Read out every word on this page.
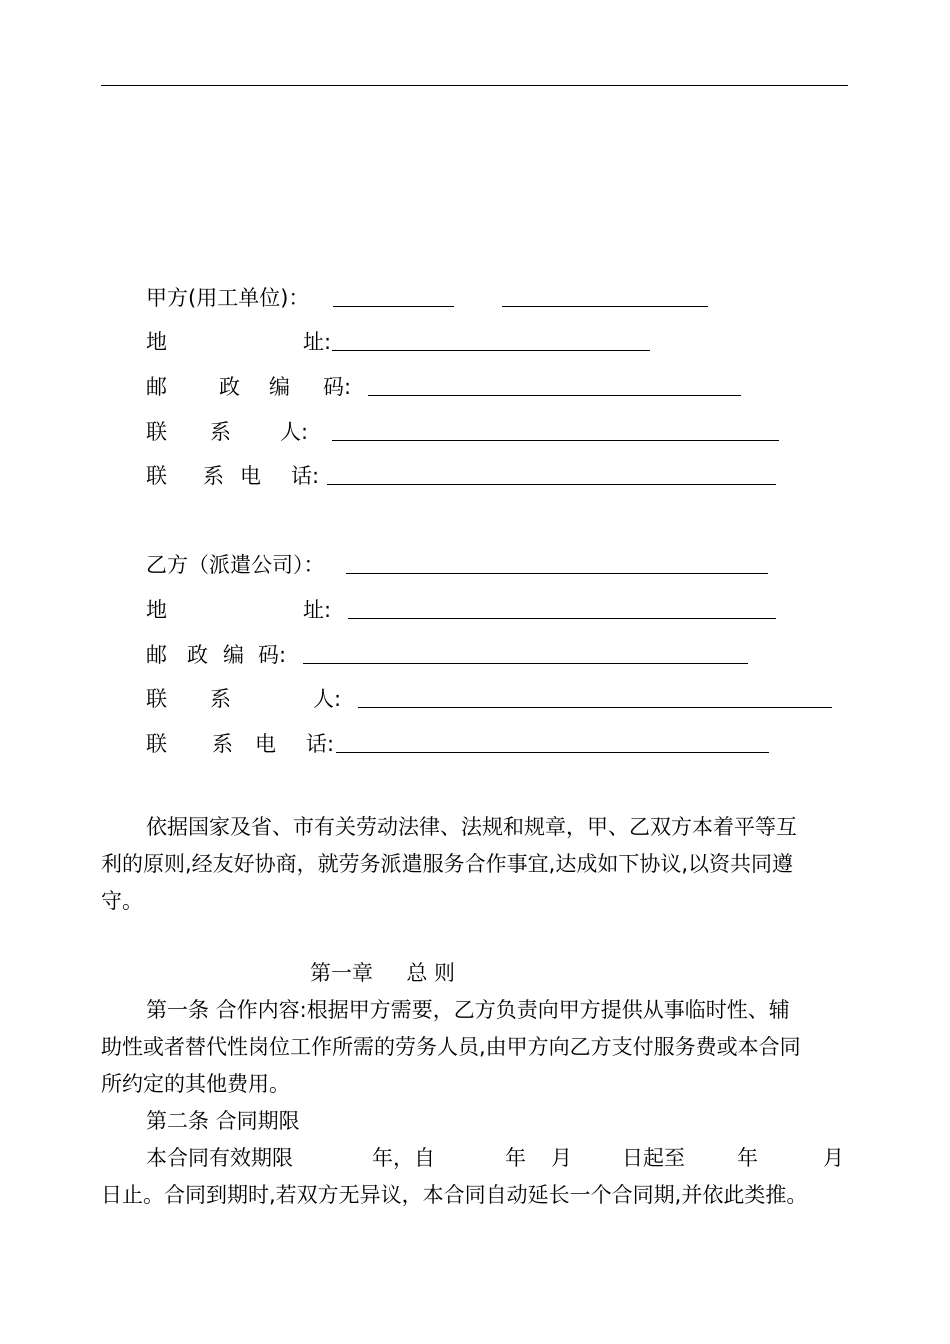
甲方(用工单位)：
地	址:
邮 政 编 码:
联 系 人:
联 系 电 话:
乙方（派遣公司）：
地	址:
邮 政 编 码:
联 系	人:
联 系 电 话:
依据国家及省、市有关劳动法律、法规和规章，甲、乙双方本着平等互
利的原则,经友好协商，就劳务派遣服务合作事宜,达成如下协议,以资共同遵
守。
第一章     总 则
第一条 合作内容:根据甲方需要，乙方负责向甲方提供从事临时性、辅
助性或者替代性岗位工作所需的劳务人员,由甲方向乙方支付服务费或本合同
所约定的其他费用。
第二条 合同期限
本合同有效期限	年，自	年 月 日起至 年	月
日止。合同到期时,若双方无异议，本合同自动延长一个合同期,并依此类推。
